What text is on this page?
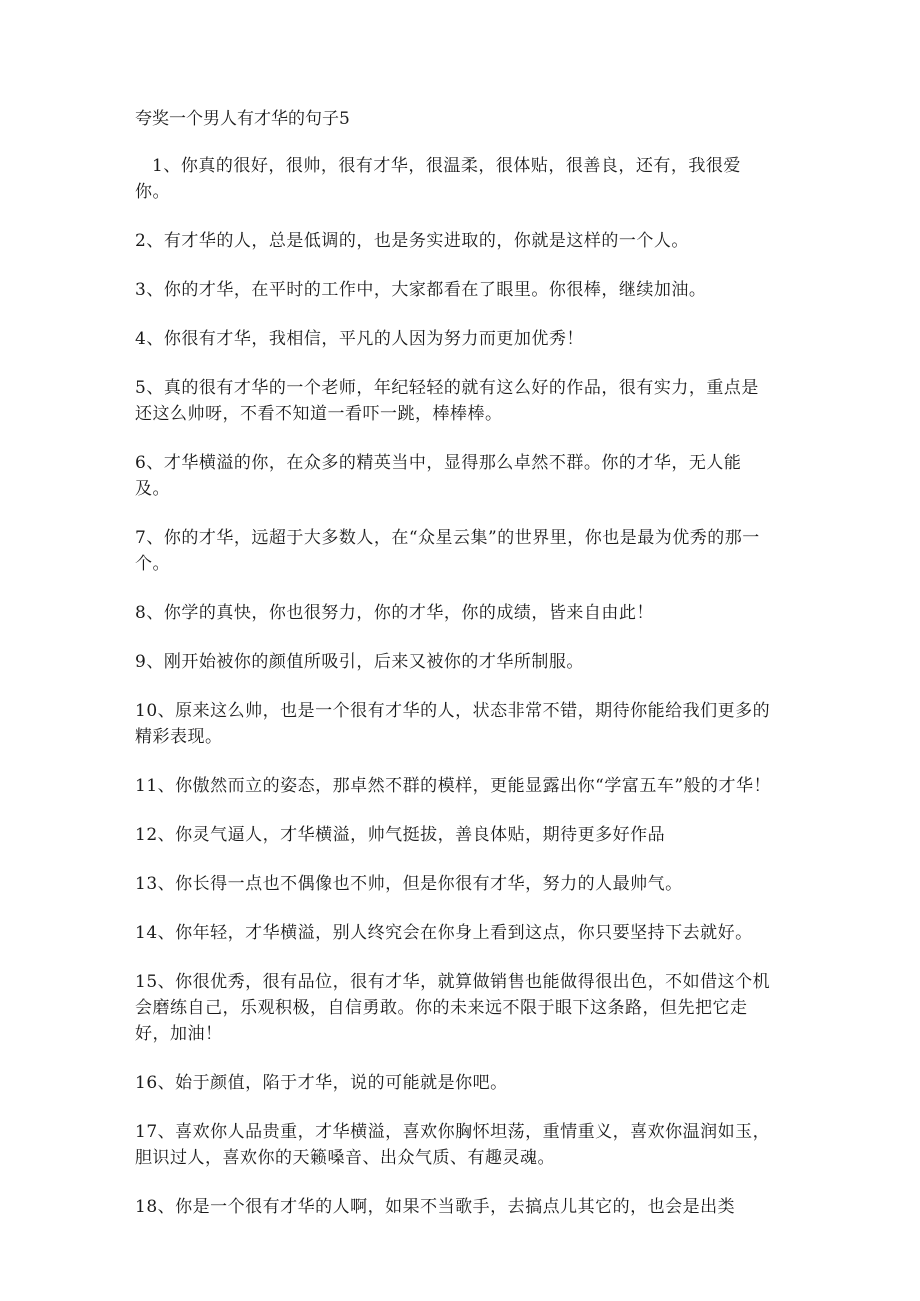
夸奖一个男人有才华的句子5

1、你真的很好，很帅，很有才华，很温柔，很体贴，很善良，还有，我很爱你。

2、有才华的人，总是低调的，也是务实进取的，你就是这样的一个人。

3、你的才华，在平时的工作中，大家都看在了眼里。你很棒，继续加油。

4、你很有才华，我相信，平凡的人因为努力而更加优秀！

5、真的很有才华的一个老师，年纪轻轻的就有这么好的作品，很有实力，重点是还这么帅呀，不看不知道一看吓一跳，棒棒棒。

6、才华横溢的你，在众多的精英当中，显得那么卓然不群。你的才华，无人能及。

7、你的才华，远超于大多数人，在“众星云集”的世界里，你也是最为优秀的那一个。

8、你学的真快，你也很努力，你的才华，你的成绩，皆来自由此！

9、刚开始被你的颜值所吸引，后来又被你的才华所制服。

10、原来这么帅，也是一个很有才华的人，状态非常不错，期待你能给我们更多的精彩表现。

11、你傲然而立的姿态，那卓然不群的模样，更能显露出你“学富五车”般的才华！

12、你灵气逼人，才华横溢，帅气挺拔，善良体贴，期待更多好作品

13、你长得一点也不偶像也不帅，但是你很有才华，努力的人最帅气。

14、你年轻，才华横溢，别人终究会在你身上看到这点，你只要坚持下去就好。

15、你很优秀，很有品位，很有才华，就算做销售也能做得很出色，不如借这个机会磨练自己，乐观积极，自信勇敢。你的未来远不限于眼下这条路，但先把它走好，加油！

16、始于颜值，陷于才华，说的可能就是你吧。

17、喜欢你人品贵重，才华横溢，喜欢你胸怀坦荡，重情重义，喜欢你温润如玉，胆识过人，喜欢你的天籁嗓音、出众气质、有趣灵魂。

18、你是一个很有才华的人啊，如果不当歌手，去搞点儿其它的，也会是出类
